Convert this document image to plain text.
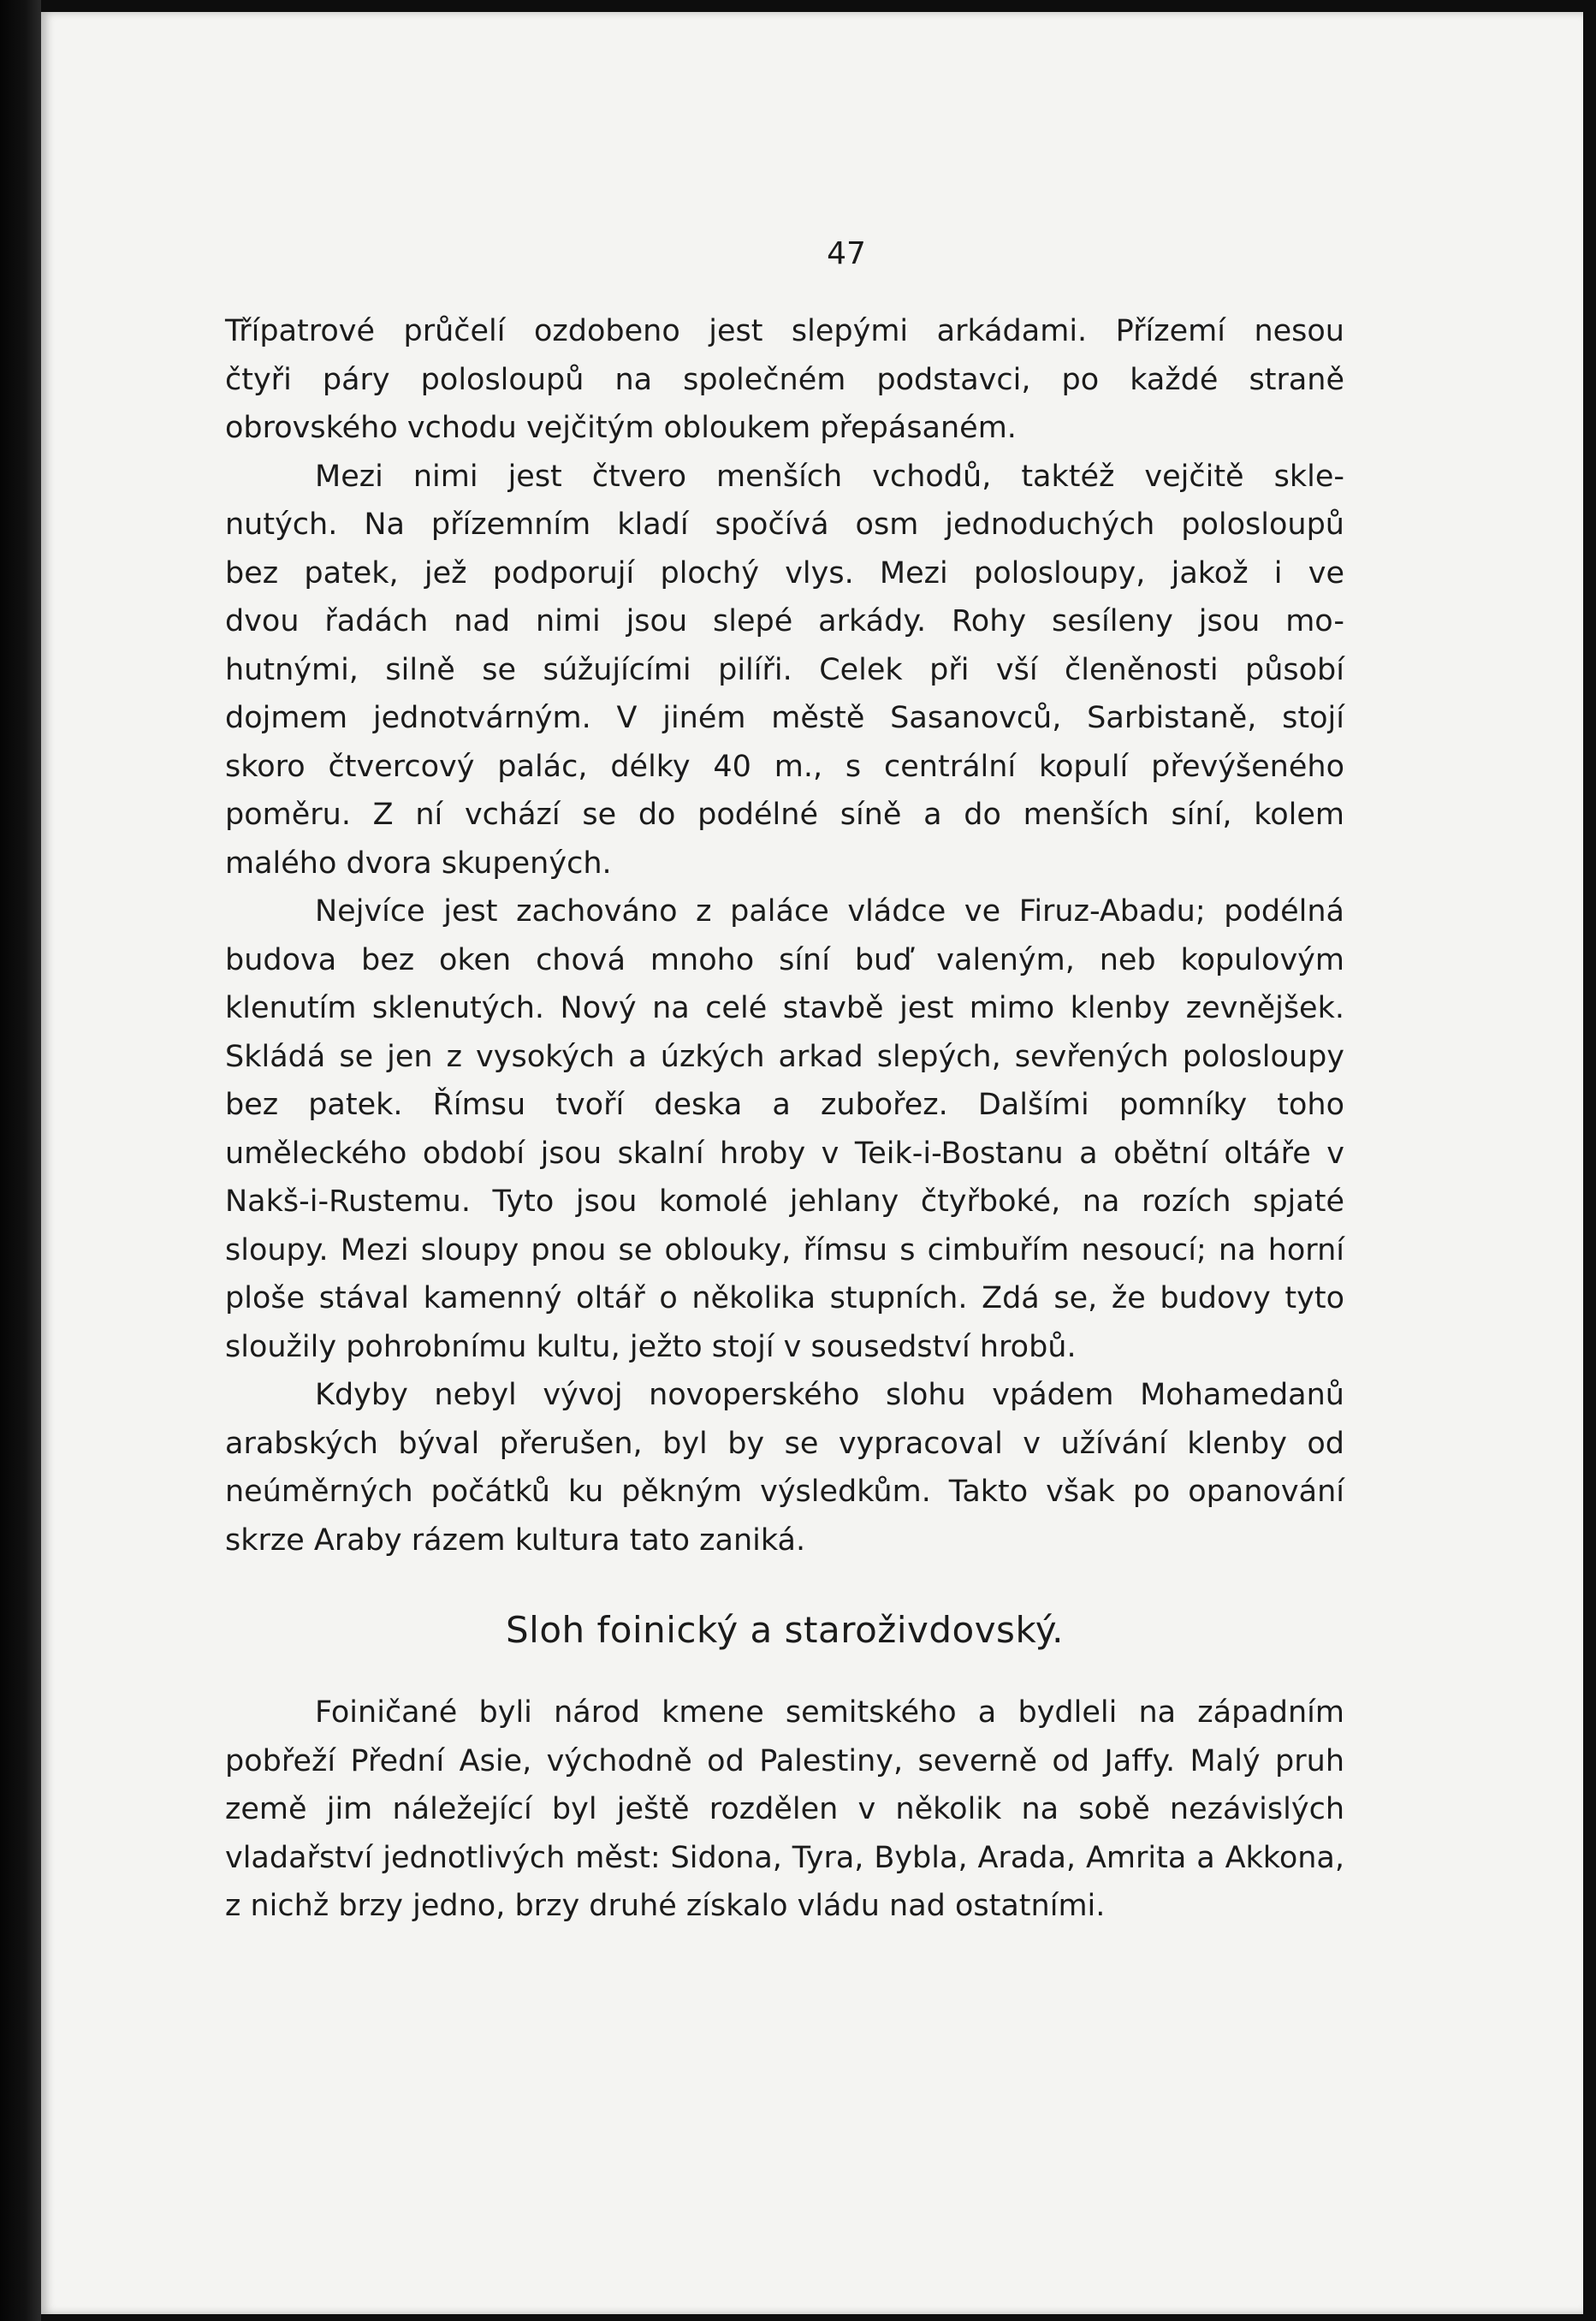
47

Třípatrové průčelí ozdobeno jest slepými arkádami. Přízemí nesou
čtyři páry polosloupů na společném podstavci, po každé straně
obrovského vchodu vejčitým obloukem přepásaném.
Mezi nimi jest čtvero menších vchodů, taktéž vejčitě skle-
nutých. Na přízemním kladí spočívá osm jednoduchých polosloupů
bez patek, jež podporují plochý vlys. Mezi polosloupy, jakož i ve
dvou řadách nad nimi jsou slepé arkády. Rohy sesíleny jsou mo-
hutnými, silně se súžujícími pilíři. Celek při vší členěnosti působí
dojmem jednotvárným. V jiném městě Sasanovců, Sarbistaně, stojí
skoro čtvercový palác, délky 40 m., s centrální kopulí převýšeného
poměru. Z ní vchází se do podélné síně a do menších síní, kolem
malého dvora skupených.

Nejvíce jest zachováno z paláce vládce ve Firuz-Abadu; podélná budova bez oken chová mnoho síní buď valeným, neb kopulovým klenutím sklenutých. Nový na celé stavbě jest mimo klenby zevnějšek. Skládá se jen z vysokých a úzkých arkad slepých, sevřených polosloupy bez patek. Římsu tvoří deska a zubořez. Dalšími pomníky toho uměleckého období jsou skalní hroby v Teik-i-Bostanu a obětní oltáře v Nakš-i-Rustemu. Tyto jsou komolé jehlany čtyřboké, na rozích spjaté sloupy. Mezi sloupy pnou se oblouky, římsu s cimbuřím nesoucí; na horní ploše stával kamenný oltář o několika stupních. Zdá se, že budovy tyto sloužily pohrobnímu kultu, ježto stojí v sousedství hrobů.

Kdyby nebyl vývoj novoperského slohu vpádem Mohamedanů arabských býval přerušen, byl by se vypracoval v užívání klenby od neúměrných počátků ku pěkným výsledkům. Takto však po opanování skrze Araby rázem kultura tato zaniká.

Sloh foinický a staroživdovský.

Foiničané byli národ kmene semitského a bydleli na západním pobřeží Přední Asie, východně od Palestiny, severně od Jaffy. Malý pruh země jim náležející byl ještě rozdělen v několik na sobě nezávislých vladařství jednotlivých měst: Sidona, Tyra, Bybla, Arada, Amrita a Akkona, z nichž brzy jedno, brzy druhé získalo vládu nad ostatními.
